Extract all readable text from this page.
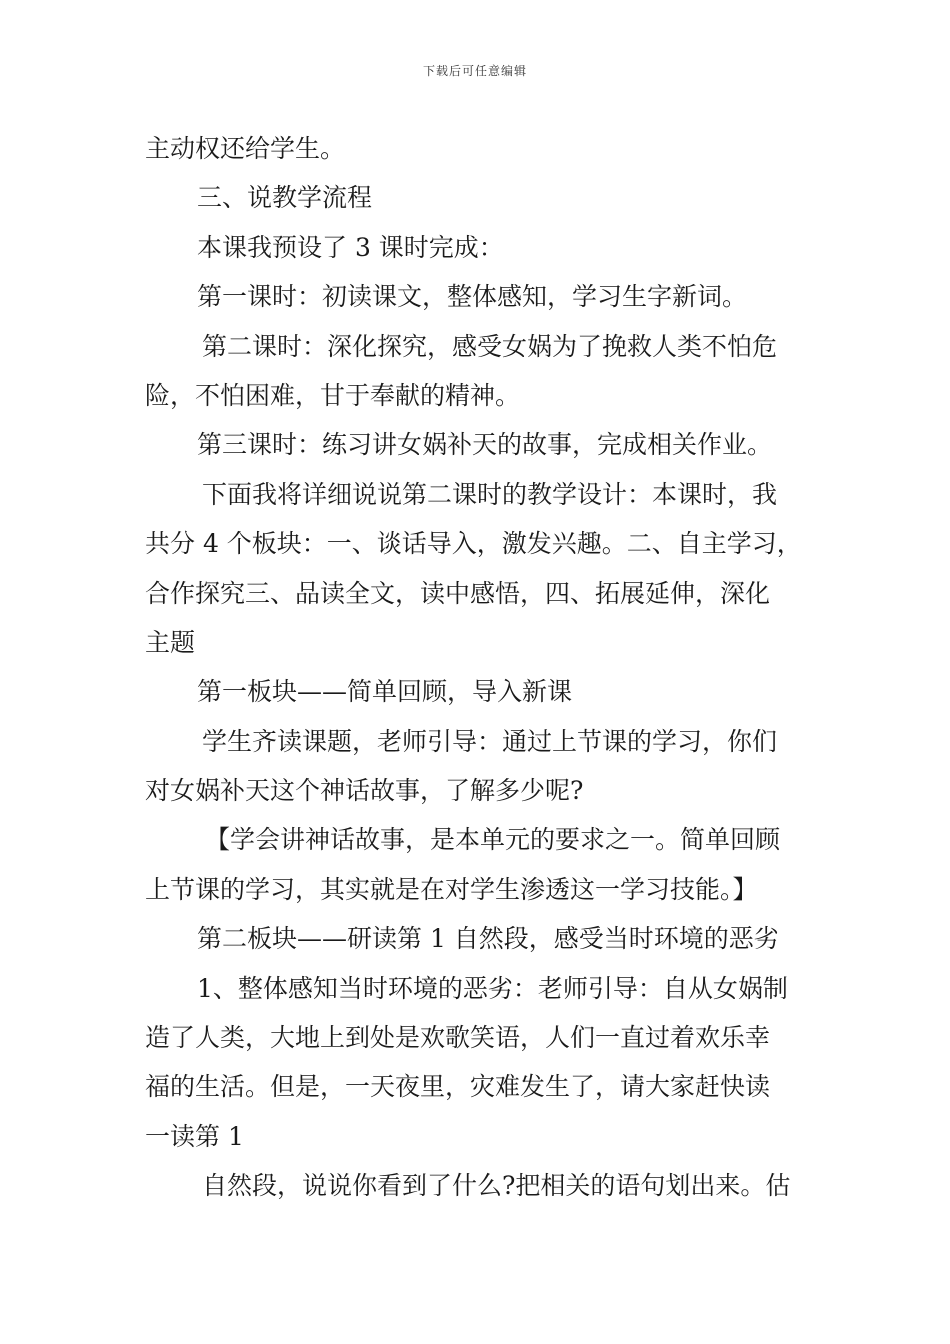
下载后可任意编辑
主动权还给学生。
三、说教学流程
本课我预设了 3 课时完成：
第一课时：初读课文，整体感知，学习生字新词。
第二课时：深化探究，感受女娲为了挽救人类不怕危
险，不怕困难，甘于奉献的精神。
第三课时：练习讲女娲补天的故事，完成相关作业。
下面我将详细说说第二课时的教学设计：本课时，我
共分 4 个板块：一、谈话导入，激发兴趣。二、自主学习，
合作探究三、品读全文，读中感悟，四、拓展延伸，深化
主题
第一板块——简单回顾，导入新课
学生齐读课题，老师引导：通过上节课的学习，你们
对女娲补天这个神话故事，了解多少呢?
【学会讲神话故事，是本单元的要求之一。简单回顾
上节课的学习，其实就是在对学生渗透这一学习技能。】
第二板块——研读第 1 自然段，感受当时环境的恶劣
1、整体感知当时环境的恶劣：老师引导：自从女娲制
造了人类，大地上到处是欢歌笑语，人们一直过着欢乐幸
福的生活。但是，一天夜里，灾难发生了，请大家赶快读
一读第 1
自然段，说说你看到了什么?把相关的语句划出来。估
